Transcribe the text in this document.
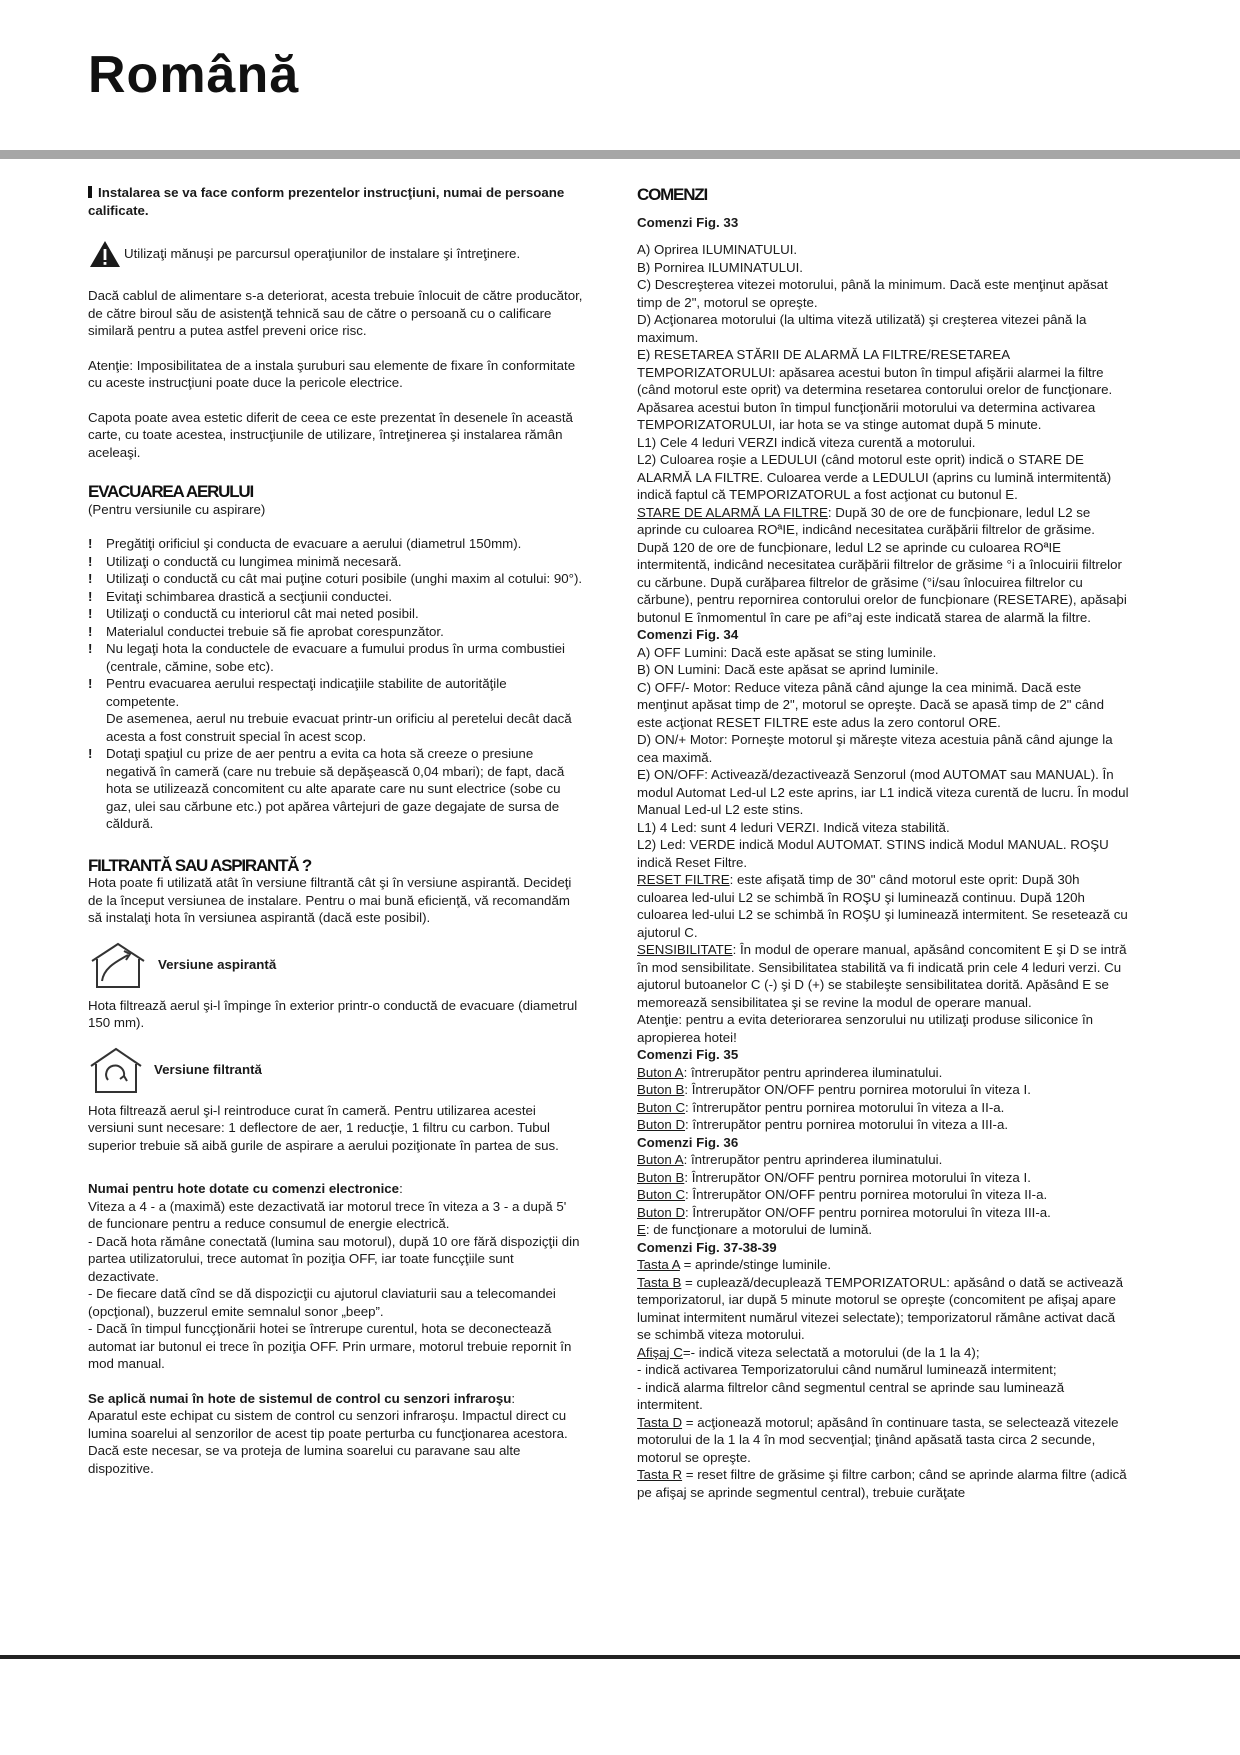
Română

Instalarea se va face conform prezentelor instrucţiuni, numai de persoane calificate.

Utilizaţi mănuşi pe parcursul operaţiunilor de instalare şi întreţinere.

Dacă cablul de alimentare s-a deteriorat, acesta trebuie înlocuit de către producător, de către biroul său de asistenţă tehnică sau de către o persoană cu o calificare similară pentru a putea astfel preveni orice risc.

Atenţie: Imposibilitatea de a instala şuruburi sau elemente de fixare în conformitate cu aceste instrucţiuni poate duce la pericole electrice.

Capota poate avea estetic diferit de ceea ce este prezentat în desenele în această carte, cu toate acestea, instrucţiunile de utilizare, întreţinerea şi instalarea rămân aceleaşi.

EVACUAREA AERULUI

(Pentru versiunile cu aspirare)

! Pregătiţi orificiul şi conducta de evacuare a aerului (diametrul 150mm).
! Utilizaţi o conductă cu lungimea minimă necesară.
! Utilizaţi o conductă cu cât mai puţine coturi posibile (unghi maxim al cotului: 90°).
! Evitaţi schimbarea drastică a secţiunii conductei.
! Utilizaţi o conductă cu interiorul cât mai neted posibil.
! Materialul conductei trebuie să fie aprobat corespunzător.
! Nu legaţi hota la conductele de evacuare a fumului produs în urma combustiei (centrale, cămine, sobe etc).
! Pentru evacuarea aerului respectaţi indicaţiile stabilite de autorităţile competente.
De asemenea, aerul nu trebuie evacuat printr-un orificiu al peretelui decât dacă acesta a fost construit special în acest scop.
! Dotaţi spaţiul cu prize de aer pentru a evita ca hota să creeze o presiune negativă în cameră (care nu trebuie să depăşească 0,04 mbari); de fapt, dacă hota se utilizează concomitent cu alte aparate care nu sunt electrice (sobe cu gaz, ulei sau cărbune etc.) pot apărea vârtejuri de gaze degajate de sursa de căldură.
FILTRANTĂ SAU ASPIRANTĂ ?

Hota poate fi utilizată atât în versiune filtrantă cât şi în versiune aspirantă. Decideţi de la început versiunea de instalare. Pentru o mai bună eficienţă, vă recomandăm să instalaţi hota în versiunea aspirantă (dacă este posibil).

Versiune aspirantă

Hota filtrează aerul şi-l împinge în exterior printr-o conductă de evacuare (diametrul 150 mm).

Versiune filtrantă

Hota filtrează aerul şi-l reintroduce curat în cameră. Pentru utilizarea acestei versiuni sunt necesare: 1 deflectore de aer, 1 reducţie, 1 filtru cu carbon. Tubul superior trebuie să aibă gurile de aspirare a aerului poziţionate în partea de sus.

Numai pentru hote dotate cu comenzi electronice:

Viteza a 4 - a (maximă) este dezactivată iar motorul trece în viteza a 3 - a după 5' de funcionare pentru a reduce consumul de energie electrică.

- Dacă hota rămâne conectată (lumina sau motorul), după 10 ore fără dispoziçţii din partea utilizatorului, trece automat în poziţia OFF, iar toate funcçţiile sunt dezactivate.

- De fiecare dată cînd se dă dispozicţii cu ajutorul claviaturii sau a telecomandei (opcţional), buzzerul emite semnalul sonor „beep”.

- Dacă în timpul funcçţionării hotei se întrerupe curentul, hota se deconectează automat iar butonul ei trece în poziţia OFF. Prin urmare, motorul trebuie repornit în mod manual.

Se aplică numai în hote de sistemul de control cu senzori infraroşu:

Aparatul este echipat cu sistem de control cu senzori infraroşu. Impactul direct cu lumina soarelui al senzorilor de acest tip poate perturba cu funcţionarea acestora. Dacă este necesar, se va proteja de lumina soarelui cu paravane sau alte dispozitive.

COMENZI

Comenzi Fig. 33

A) Oprirea ILUMINATULUI.

B) Pornirea ILUMINATULUI.

C) Descreşterea vitezei motorului, până la minimum. Dacă este menţinut apăsat timp de 2", motorul se opreşte.

D) Acţionarea motorului (la ultima viteză utilizată) şi creşterea vitezei până la maximum.

E) RESETAREA STĂRII DE ALARMĂ LA FILTRE/RESETAREA TEMPORIZATORULUI: apăsarea acestui buton în timpul afişării alarmei la filtre (când motorul este oprit) va determina resetarea contorului orelor de funcţionare. Apăsarea acestui buton în timpul funcţionării motorului va determina activarea TEMPORIZATORULUI, iar hota se va stinge automat după 5 minute.

L1) Cele 4 leduri VERZI indică viteza curentă a motorului.

L2) Culoarea roşie a LEDULUI (când motorul este oprit) indică o STARE DE ALARMĂ LA FILTRE. Culoarea verde a LEDULUI (aprins cu lumină intermitentă) indică faptul că TEMPORIZATORUL a fost acţionat cu butonul E.

STARE DE ALARMĂ LA FILTRE: După 30 de ore de funcþionare, ledul L2 se aprinde cu culoarea ROªIE, indicând necesitatea curăþării filtrelor de grăsime. După 120 de ore de funcþionare, ledul L2 se aprinde cu culoarea ROªIE intermitentă, indicând necesitatea curăþării filtrelor de grăsime °i a înlocuirii filtrelor cu cărbune. După curăþarea filtrelor de grăsime (°i/sau înlocuirea filtrelor cu cărbune), pentru repornirea contorului orelor de funcþionare (RESETARE), apăsaþi butonul E înmomentul în care pe afi°aj este indicată starea de alarmă la filtre.

Comenzi Fig. 34

A) OFF Lumini: Dacă este apăsat se sting luminile.

B) ON Lumini: Dacă este apăsat se aprind luminile.

C) OFF/- Motor: Reduce viteza până când ajunge la cea minimă. Dacă este menţinut apăsat timp de 2", motorul se opreşte. Dacă se apasă timp de 2" când este acţionat RESET FILTRE este adus la zero contorul ORE.

D) ON/+ Motor: Porneşte motorul şi măreşte viteza acestuia până când ajunge la cea maximă.

E) ON/OFF: Activează/dezactivează Senzorul (mod AUTOMAT sau MANUAL). În modul Automat Led-ul L2 este aprins, iar L1 indică viteza curentă de lucru. În modul Manual Led-ul L2 este stins.

L1) 4 Led: sunt 4 leduri VERZI. Indică viteza stabilită.

L2) Led: VERDE indică Modul AUTOMAT. STINS indică Modul MANUAL. ROŞU indică Reset Filtre.

RESET FILTRE: este afişată timp de 30" când motorul este oprit: După 30h culoarea led-ului L2 se schimbă în ROŞU şi luminează continuu. După 120h culoarea led-ului L2 se schimbă în ROŞU şi luminează intermitent. Se resetează cu ajutorul C.

SENSIBILITATE: În modul de operare manual, apăsând concomitent E şi D se intră în mod sensibilitate. Sensibilitatea stabilită va fi indicată prin cele 4 leduri verzi. Cu ajutorul butoanelor C (-) şi D (+) se stabileşte sensibilitatea dorită. Apăsând E se memorează sensibilitatea şi se revine la modul de operare manual.

Atenţie: pentru a evita deteriorarea senzorului nu utilizaţi produse siliconice în apropierea hotei!

Comenzi Fig. 35

Buton A: întrerupător pentru aprinderea iluminatului.

Buton B: Întrerupător ON/OFF pentru pornirea motorului în viteza I.

Buton C: întrerupător pentru pornirea motorului în viteza a II-a.

Buton D: întrerupător pentru pornirea motorului în viteza a III-a.

Comenzi Fig. 36

Buton A: întrerupător pentru aprinderea iluminatului.

Buton B: Întrerupător ON/OFF pentru pornirea motorului în viteza I.

Buton C: Întrerupător ON/OFF pentru pornirea motorului în viteza II-a.

Buton D: Întrerupător ON/OFF pentru pornirea motorului în viteza III-a.

E: de funcţionare a motorului de lumină.

Comenzi Fig. 37-38-39

Tasta A = aprinde/stinge luminile.

Tasta B = cuplează/decuplează TEMPORIZATORUL: apăsând o dată se activează temporizatorul, iar după 5 minute motorul se opreşte (concomitent pe afişaj apare luminat intermitent numărul vitezei selectate); temporizatorul rămâne activat dacă se schimbă viteza motorului.

Afişaj C=- indică viteza selectată a motorului (de la 1 la 4);

- indică activarea Temporizatorului când numărul luminează intermitent;

- indică alarma filtrelor când segmentul central se aprinde sau luminează intermitent.

Tasta D = acţionează motorul; apăsând în continuare tasta, se selectează vitezele motorului de la 1 la 4 în mod secvenţial; ţinând apăsată tasta circa 2 secunde, motorul se opreşte.

Tasta R = reset filtre de grăsime şi filtre carbon; când se aprinde alarma filtre (adică pe afişaj se aprinde segmentul central), trebuie curăţate
